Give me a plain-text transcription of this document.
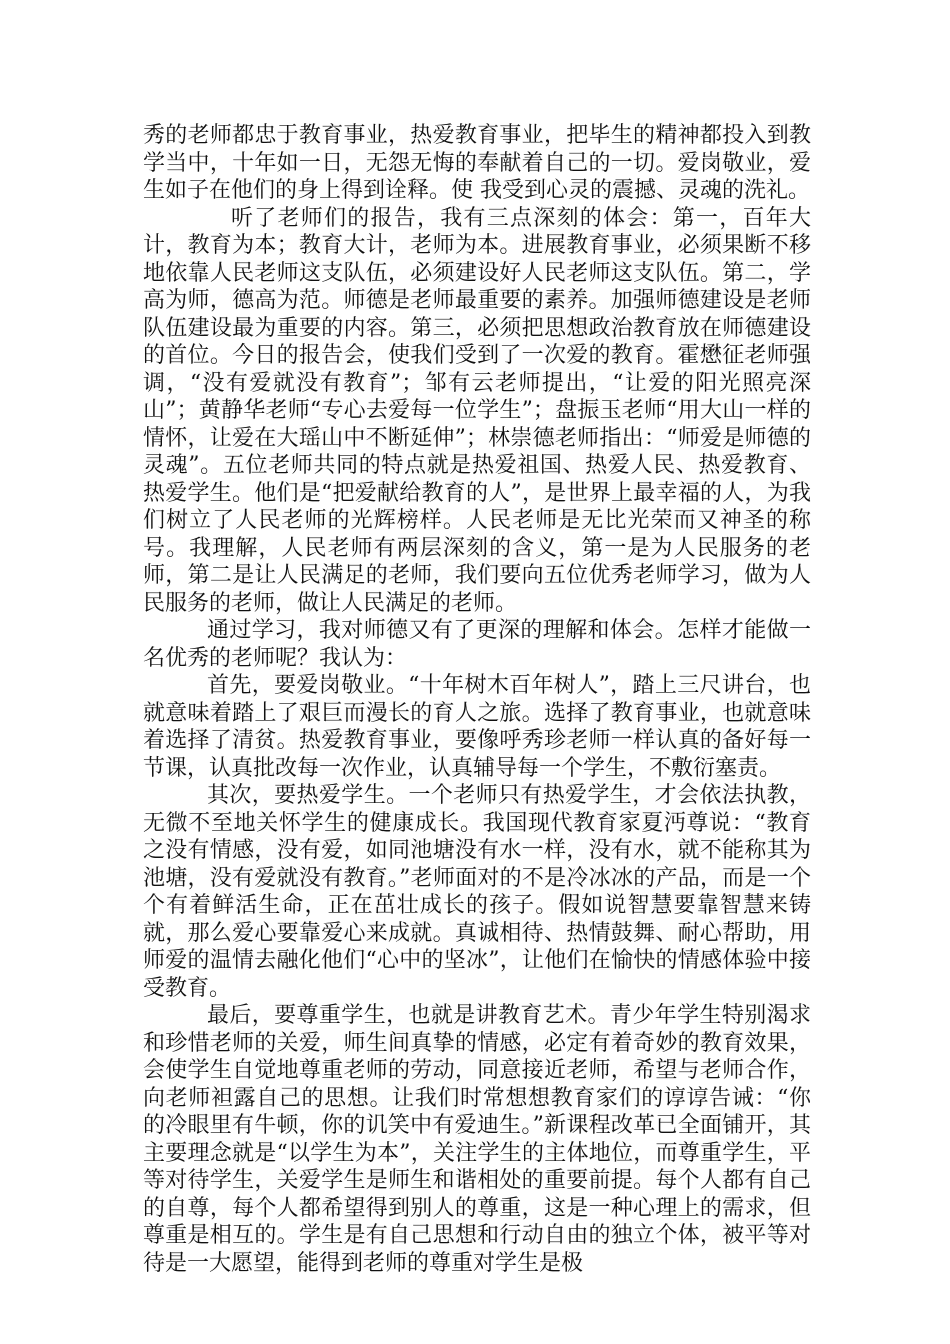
秀的老师都忠于教育事业，热爱教育事业，把毕生的精神都投入到教学当中，十年如一日，无怨无悔的奉献着自己的一切。爱岗敬业，爱生如子在他们的身上得到诠释。使 我受到心灵的震撼、灵魂的洗礼。

听了老师们的报告，我有三点深刻的体会：第一，百年大计，教育为本；教育大计，老师为本。进展教育事业，必须果断不移地依靠人民老师这支队伍，必须建设好人民老师这支队伍。第二，学高为师，德高为范。师德是老师最重要的素养。加强师德建设是老师队伍建设最为重要的内容。第三，必须把思想政治教育放在师德建设的首位。今日的报告会，使我们受到了一次爱的教育。霍懋征老师强调，“没有爱就没有教育”；邹有云老师提出，“让爱的阳光照亮深山”；黄静华老师“专心去爱每一位学生”；盘振玉老师“用大山一样的情怀，让爱在大瑶山中不断延伸”；林崇德老师指出：“师爱是师德的灵魂”。五位老师共同的特点就是热爱祖国、热爱人民、热爱教育、热爱学生。他们是“把爱献给教育的人”，是世界上最幸福的人，为我们树立了人民老师的光辉榜样。人民老师是无比光荣而又神圣的称号。我理解，人民老师有两层深刻的含义，第一是为人民服务的老师，第二是让人民满足的老师，我们要向五位优秀老师学习，做为人民服务的老师，做让人民满足的老师。

通过学习，我对师德又有了更深的理解和体会。怎样才能做一名优秀的老师呢？我认为：

首先，要爱岗敬业。“十年树木百年树人”，踏上三尺讲台，也就意味着踏上了艰巨而漫长的育人之旅。选择了教育事业，也就意味着选择了清贫。热爱教育事业，要像呼秀珍老师一样认真的备好每一节课，认真批改每一次作业，认真辅导每一个学生，不敷衍塞责。

其次，要热爱学生。一个老师只有热爱学生，才会依法执教，无微不至地关怀学生的健康成长。我国现代教育家夏沔尊说：“教育之没有情感，没有爱，如同池塘没有水一样，没有水，就不能称其为池塘，没有爱就没有教育。”老师面对的不是冷冰冰的产品，而是一个个有着鲜活生命，正在茁壮成长的孩子。假如说智慧要靠智慧来铸就，那么爱心要靠爱心来成就。真诚相待、热情鼓舞、耐心帮助，用师爱的温情去融化他们“心中的坚冰”，让他们在愉快的情感体验中接受教育。

最后，要尊重学生，也就是讲教育艺术。青少年学生特别渴求和珍惜老师的关爱，师生间真挚的情感，必定有着奇妙的教育效果，会使学生自觉地尊重老师的劳动，同意接近老师，希望与老师合作， 向老师袒露自己的思想。让我们时常想想教育家们的谆谆告诫：“你的冷眼里有牛顿，你的讥笑中有爱迪生。”新课程改革已全面铺开，其主要理念就是“以学生为本”，关注学生的主体地位，而尊重学生，平等对待学生，关爱学生是师生和谐相处的重要前提。每个人都有自己的自尊，每个人都希望得到别人的尊重，这是一种心理上的需求，但尊重是相互的。学生是有自己思想和行动自由的独立个体，被平等对待是一大愿望，能得到老师的尊重对学生是极
